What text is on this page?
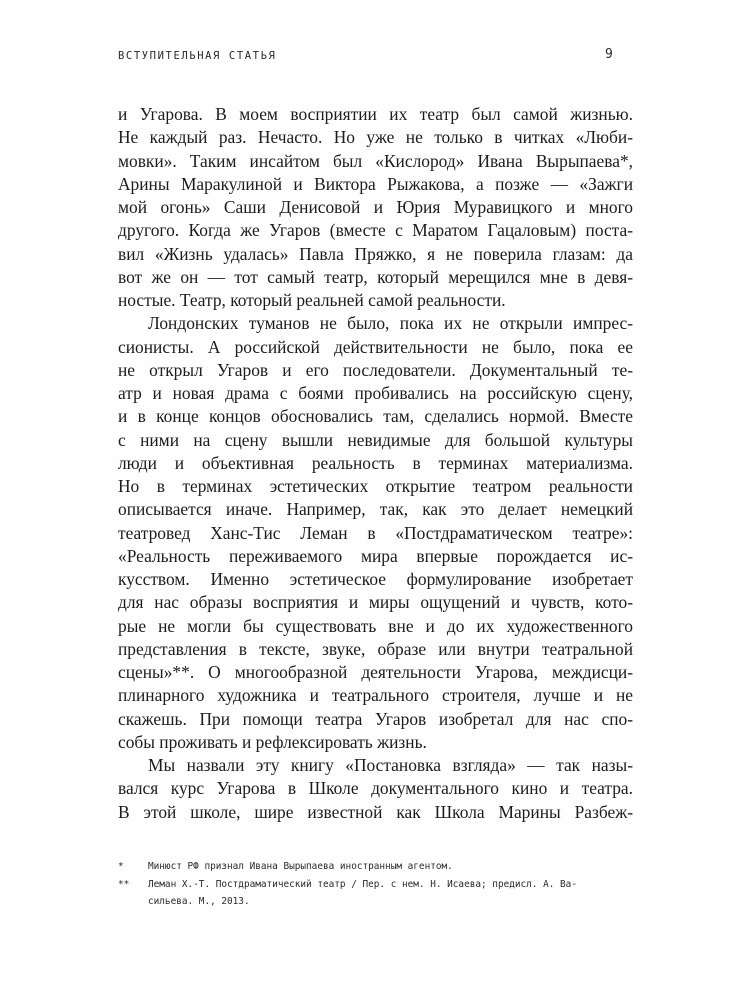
ВСТУПИТЕЛЬНАЯ СТАТЬЯ	9
и Угарова. В моем восприятии их театр был самой жизнью.
Не каждый раз. Нечасто. Но уже не только в читках «Люби-
мовки». Таким инсайтом был «Кислород» Ивана Вырыпаева*,
Арины Маракулиной и Виктора Рыжакова, а позже — «Зажги
мой огонь» Саши Денисовой и Юрия Муравицкого и много
другого. Когда же Угаров (вместе с Маратом Гацаловым) поста-
вил «Жизнь удалась» Павла Пряжко, я не поверила глазам: да
вот же он — тот самый театр, который мерещился мне в девя-
ностые. Театр, который реальней самой реальности.
Лондонских туманов не было, пока их не открыли импрес-
сионисты. А российской действительности не было, пока ее
не открыл Угаров и его последователи. Документальный те-
атр и новая драма с боями пробивались на российскую сцену,
и в конце концов обосновались там, сделались нормой. Вместе
с ними на сцену вышли невидимые для большой культуры
люди и объективная реальность в терминах материализма.
Но в терминах эстетических открытие театром реальности
описывается иначе. Например, так, как это делает немецкий
театровед Ханс-Тис Леман в «Постдраматическом театре»:
«Реальность переживаемого мира впервые порождается ис-
кусством. Именно эстетическое формулирование изобретает
для нас образы восприятия и миры ощущений и чувств, кото-
рые не могли бы существовать вне и до их художественного
представления в тексте, звуке, образе или внутри театральной
сцены»**. О многообразной деятельности Угарова, междисци-
плинарного художника и театрального строителя, лучше и не
скажешь. При помощи театра Угаров изобретал для нас спо-
собы проживать и рефлексировать жизнь.
Мы назвали эту книгу «Постановка взгляда» — так назы-
вался курс Угарова в Школе документального кино и театра.
В этой школе, шире известной как Школа Марины Разбеж-
*	Минюст РФ признал Ивана Вырыпаева иностранным агентом.
** Леман Х.-Т. Постдраматический театр / Пер. с нем. Н. Исаева; предисл. А. Ва-
сильева. М., 2013.
